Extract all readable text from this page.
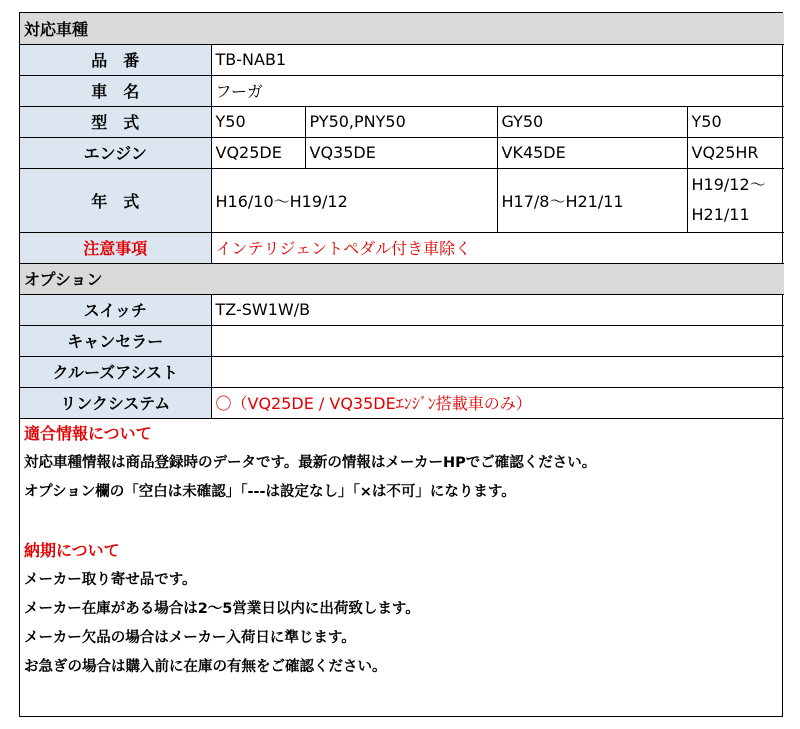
対応車種				
品　番	TB-NAB1			
車　名	フーガ			
型　式	Y50	PY50,PNY50	GY50	Y50
エンジン	VQ25DE	VQ35DE	VK45DE	VQ25HR
年　式	H16/10〜H19/12		H17/8〜H21/11	H19/12〜
H21/11

注意事項	インテリジェントペダル付き車除く			
オプション				
スイッチ	TZ-SW1W/B			
キャンセラー				
クルーズアシスト				
リンクシステム	〇（VQ25DE / VQ35DEｴﾝｼﾞﾝ搭載車のみ）			
適合情報について
対応車種情報は商品登録時のデータです。最新の情報はメーカーHPでご確認ください。
オプション欄の「空白は未確認」「---は設定なし」「×は不可」になります。
納期について
メーカー取り寄せ品です。
メーカー在庫がある場合は2〜5営業日以内に出荷致します。
メーカー欠品の場合はメーカー入荷日に準じます。
お急ぎの場合は購入前に在庫の有無をご確認ください。
